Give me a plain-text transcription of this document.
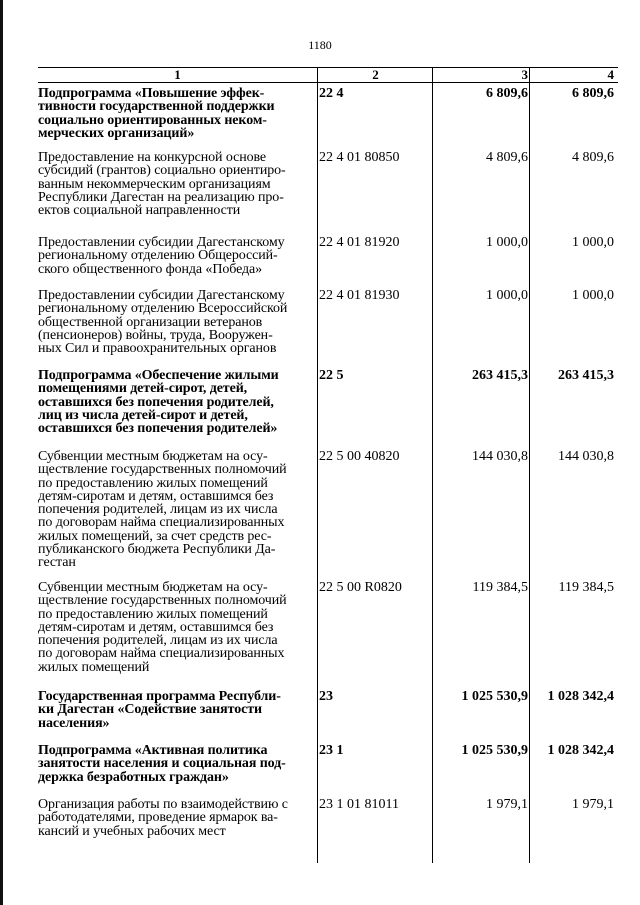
1180
1	2	3	4
Подпрограмма «Повышение эффек-
тивности государственной поддержки
социально ориентированных неком-
мерческих организаций»
22 4	6 809,6	6 809,6
Предоставление на конкурсной основе
субсидий (грантов) социально ориентиро-
ванным некоммерческим организациям
Республики Дагестан на реализацию про-
ектов социальной направленности
22 4 01 80850	4 809,6	4 809,6
Предоставлении субсидии Дагестанскому
региональному отделению Общероссий-
ского общественного фонда «Победа»
22 4 01 81920	1 000,0	1 000,0
Предоставлении субсидии Дагестанскому
региональному отделению Всероссийской
общественной организации ветеранов
(пенсионеров) войны, труда, Вооружен-
ных Сил и правоохранительных органов
22 4 01 81930	1 000,0	1 000,0
Подпрограмма «Обеспечение жилыми
помещениями детей-сирот, детей,
оставшихся без попечения родителей,
лиц из числа детей-сирот и детей,
оставшихся без попечения родителей»
22 5	263 415,3	263 415,3
Субвенции местным бюджетам на осу-
ществление государственных полномочий
по предоставлению жилых помещений
детям-сиротам и детям, оставшимся без
попечения родителей, лицам из их числа
по договорам найма специализированных
жилых помещений, за счет средств рес-
публиканского бюджета Республики Да-
гестан
22 5 00 40820	144 030,8	144 030,8
Субвенции местным бюджетам на осу-
ществление государственных полномочий
по предоставлению жилых помещений
детям-сиротам и детям, оставшимся без
попечения родителей, лицам из их числа
по договорам найма специализированных
жилых помещений
22 5 00 R0820	119 384,5	119 384,5
Государственная программа Республи-
ки Дагестан «Содействие занятости
населения»
23	1 025 530,9	1 028 342,4
Подпрограмма «Активная политика
занятости населения и социальная под-
держка безработных граждан»
23 1	1 025 530,9	1 028 342,4
Организация работы по взаимодействию с
работодателями, проведение ярмарок ва-
кансий и учебных рабочих мест
23 1 01 81011	1 979,1	1 979,1
